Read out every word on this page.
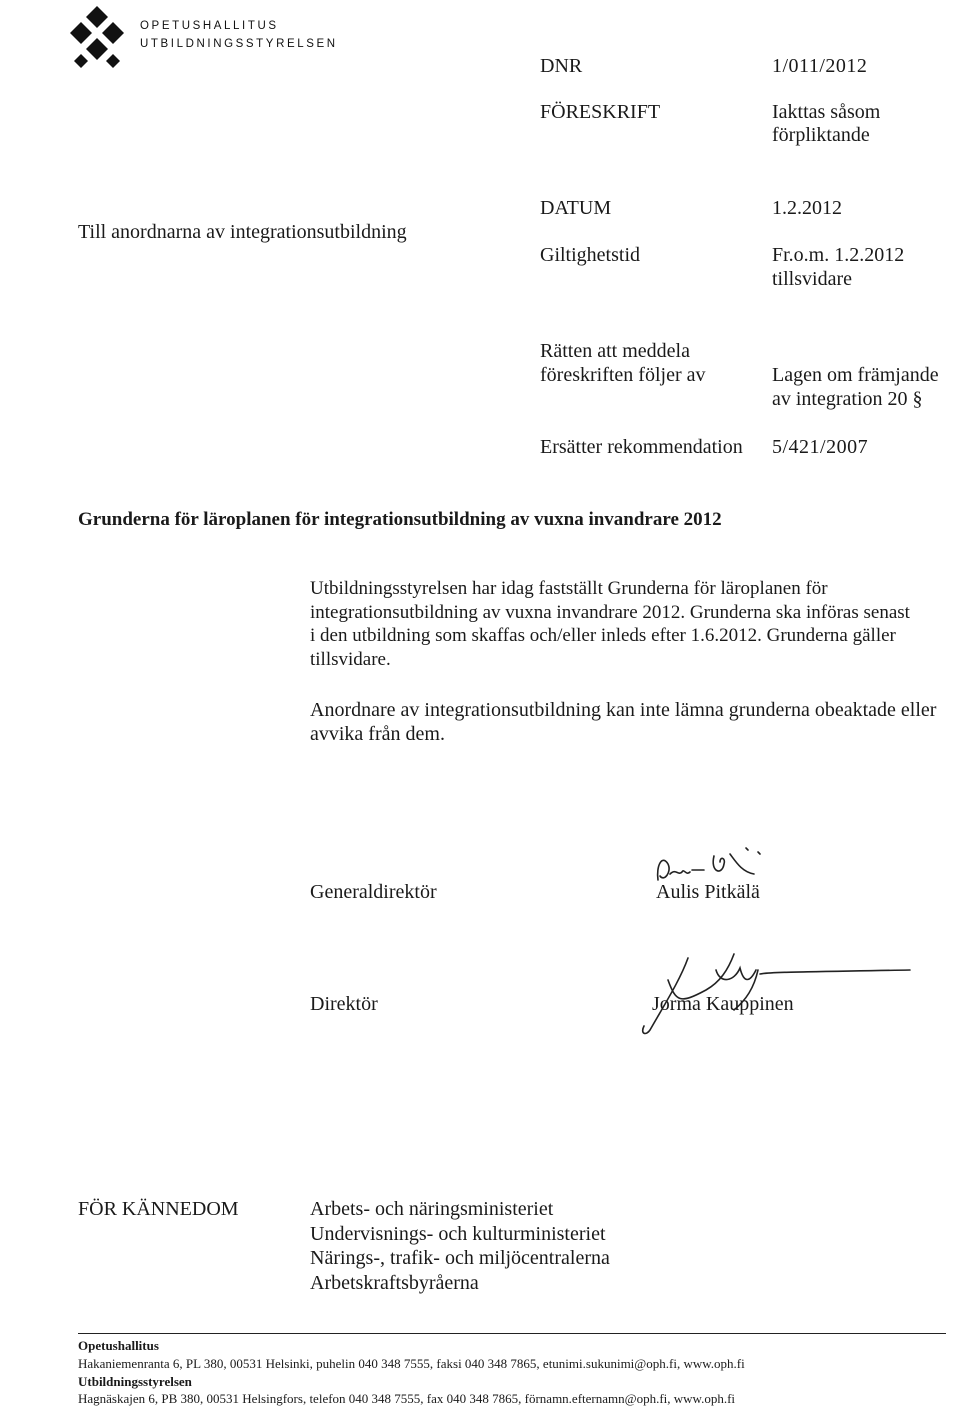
OPETUSHALLITUS
UTBILDNINGSSTYRELSEN
DNR	1/011/2012
FÖRESKRIFT	Iakttas såsom
förpliktande
Till anordnarna av integrationsutbildning
DATUM	1.2.2012
Giltighetstid	Fr.o.m. 1.2.2012
tillsvidare
Rätten att meddela
föreskriften följer av	Lagen om främjande
av integration 20 §
Ersätter rekommendation 5/421/2007
Grunderna för läroplanen för integrationsutbildning av vuxna invandrare 2012
Utbildningsstyrelsen har idag fastställt Grunderna för läroplanen för
integrationsutbildning av vuxna invandrare 2012. Grunderna ska införas senast
i den utbildning som skaffas och/eller inleds efter 1.6.2012. Grunderna gäller
tillsvidare.
Anordnare av integrationsutbildning kan inte lämna grunderna obeaktade eller
avvika från dem.
Generaldirektör	Aulis Pitkälä
Direktör	Jorma Kauppinen
FÖR KÄNNEDOM	Arbets- och näringsministeriet
Undervisnings- och kulturministeriet
Närings-, trafik- och miljöcentralerna
Arbetskraftsbyråerna
Opetushallitus
Hakaniemenranta 6, PL 380, 00531 Helsinki, puhelin 040 348 7555, faksi 040 348 7865, etunimi.sukunimi@oph.fi, www.oph.fi
Utbildningsstyrelsen
Hagnäskajen 6, PB 380, 00531 Helsingfors, telefon 040 348 7555, fax 040 348 7865, förnamn.efternamn@oph.fi, www.oph.fi
